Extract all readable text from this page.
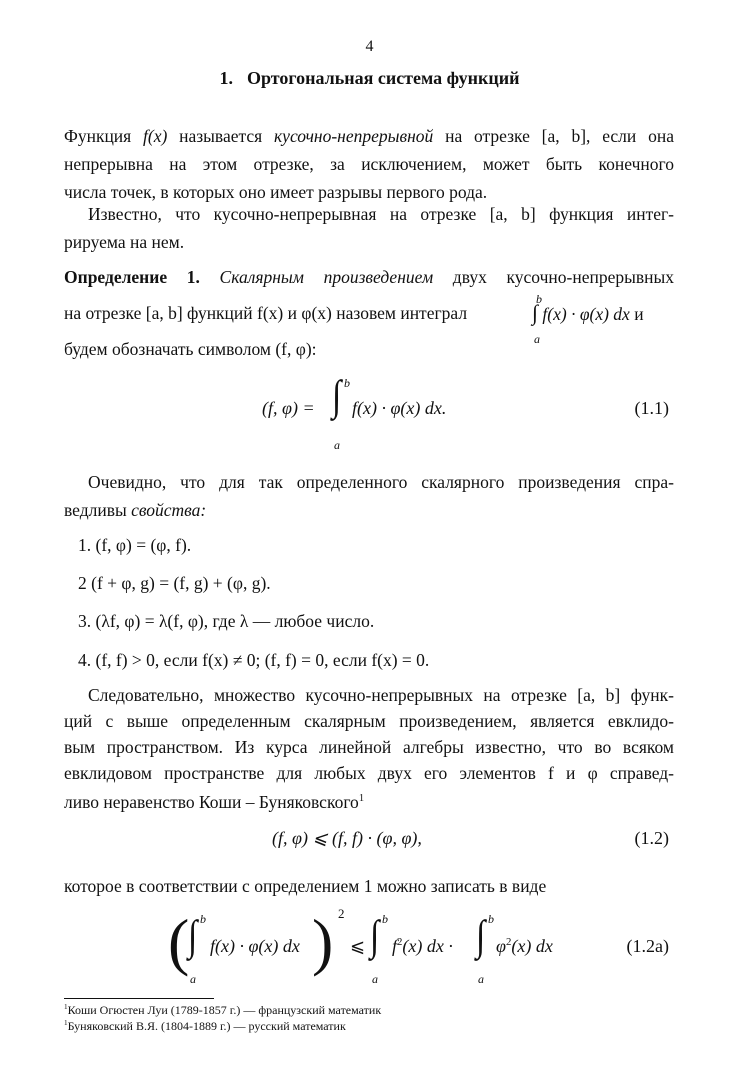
4
1. Ортогональная система функций
Функция f(x) называется кусочно-непрерывной на отрезке [a, b], если она
непрерывна на этом отрезке, за исключением, может быть конечного
числа точек, в которых оно имеет разрывы первого рода.
Известно, что кусочно-непрерывная на отрезке [a, b] функция интег-
рируема на нем.
Определение 1. Скалярным произведением двух кусочно-непрерывных
на отрезке [a, b] функций f(x) и φ(x) назовем интеграл
b
∫
a
f(x) · φ(x) dx и
будем обозначать символом (f, φ):
(f, φ) =
b
∫
a
f(x) · φ(x) dx.	(1.1)
Очевидно, что для так определенного скалярного произведения спра-
ведливы свойства:
1. (f, φ) = (φ, f).
2 (f + φ, g) = (f, g) + (φ, g).
3. (λf, φ) = λ(f, φ), где λ — любое число.
4. (f, f) > 0, если f(x) ≠ 0; (f, f) = 0, если f(x) = 0.
Следовательно, множество кусочно-непрерывных на отрезке [a, b] функ-
ций с выше определенным скалярным произведением, является евклидо-
вым пространством. Из курса линейной алгебры известно, что во всяком
евклидовом пространстве для любых двух его элементов f и φ справед-
ливо неравенство Коши – Буняковского$^1$
(f, φ) ⩽ (f, f) · (φ, φ),	(1.2)
которое в соответствии с определением 1 можно записать в виде
( b
∫
a
f(x) · φ(x) dx ) 2
⩽
b
∫
a
$f^2(x)$ dx ·
b
∫
a
$\varphi^2(x)$ dx	(1.2a)
$^1$Коши Огюстен Луи (1789-1857 г.) — французский математик
$^1$Буняковский В.Я. (1804-1889 г.) — русский математик
